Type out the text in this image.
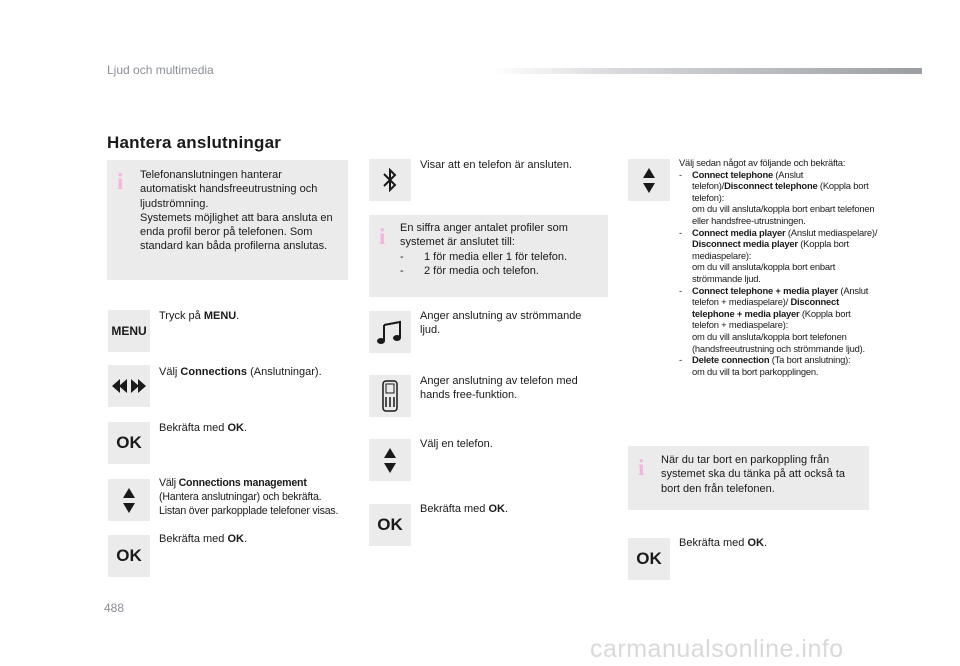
Ljud och multimedia
Hantera anslutningar
i Telefonanslutningen hanterar automatiskt handsfreeutrustning och ljudströmning.
Systemets möjlighet att bara ansluta en enda profil beror på telefonen. Som standard kan båda profilerna anslutas.
MENU
Tryck på MENU.
Välj Connections (Anslutningar).
OK
Bekräfta med OK.
Välj Connections management
(Hantera anslutningar) och bekräfta.
Listan över parkopplade telefoner visas.
OK
Bekräfta med OK.
Visar att en telefon är ansluten.
i En siffra anger antalet profiler som systemet är anslutet till:
-	1 för media eller 1 för telefon.
-	2 för media och telefon.
Anger anslutning av strömmande ljud.
Anger anslutning av telefon med hands free-funktion.
Välj en telefon.
OK
Bekräfta med OK.
Välj sedan något av följande och bekräfta:
-	Connect telephone (Anslut telefon)/Disconnect telephone (Koppla bort telefon):
om du vill ansluta/koppla bort enbart telefonen eller handsfree-utrustningen.
-	Connect media player (Anslut mediaspelare)/ Disconnect media player (Koppla bort mediaspelare):
om du vill ansluta/koppla bort enbart strömmande ljud.
-	Connect telephone + media player (Anslut telefon + mediaspelare)/ Disconnect telephone + media player (Koppla bort telefon + mediaspelare):
om du vill ansluta/koppla bort telefonen (handsfreeutrustning och strömmande ljud).
-	Delete connection (Ta bort anslutning):
om du vill ta bort parkopplingen.
i När du tar bort en parkoppling från systemet ska du tänka på att också ta bort den från telefonen.
OK
Bekräfta med OK.
488
carmanualsonline.info
